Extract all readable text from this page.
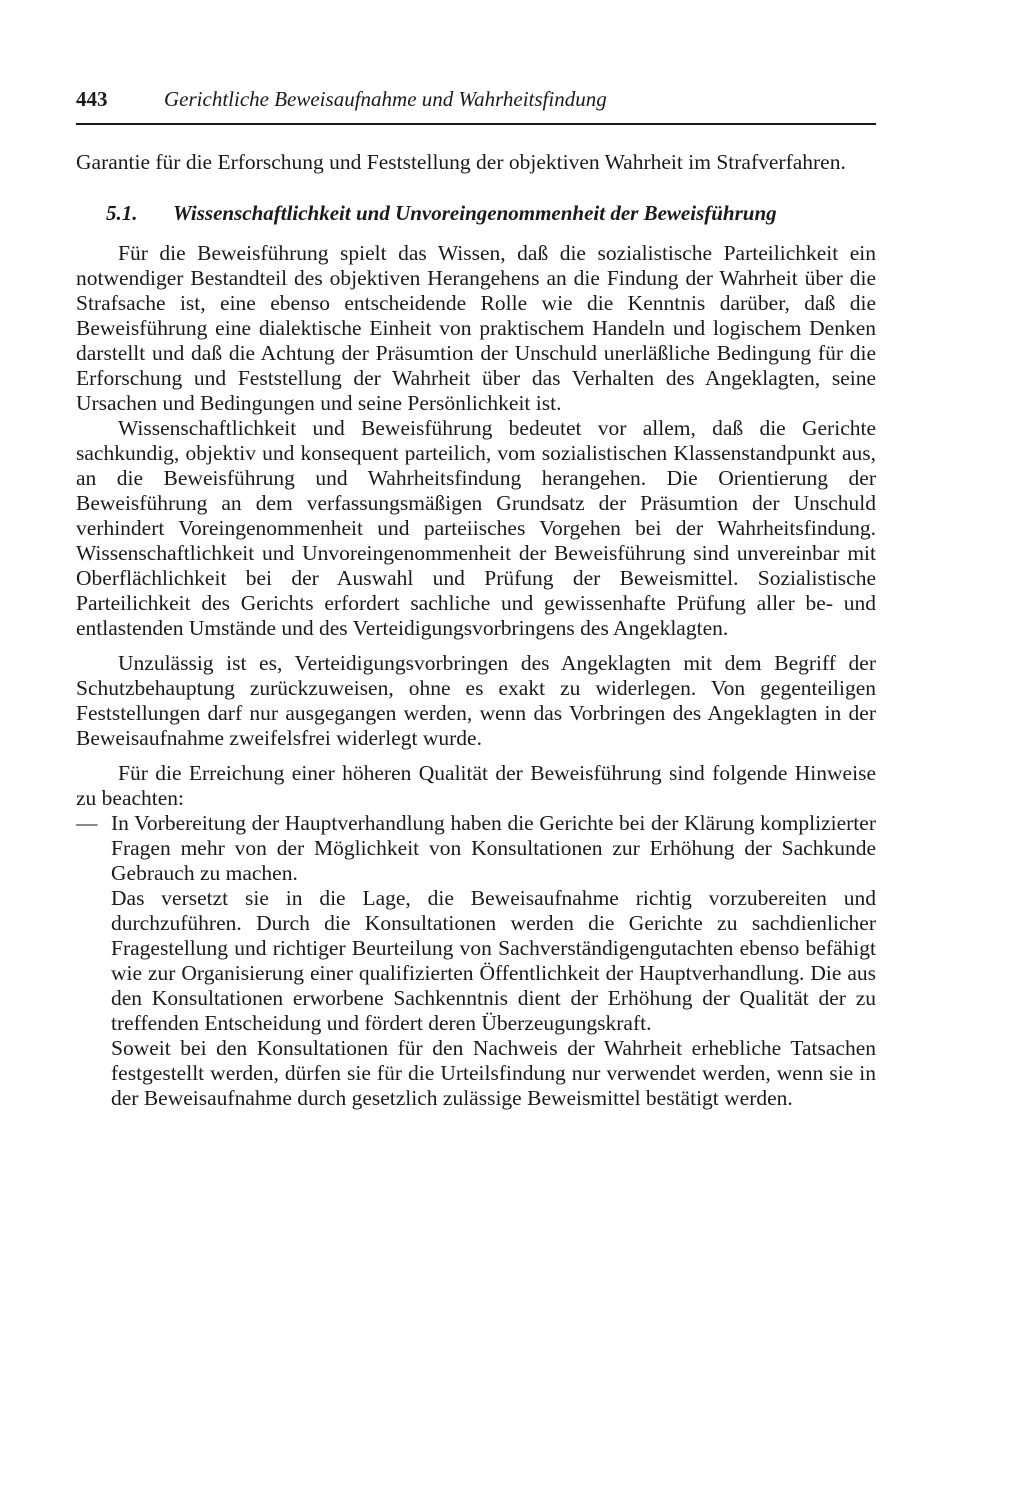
443	Gerichtliche Beweisaufnahme und Wahrheitsfindung

Garantie für die Erforschung und Feststellung der objektiven Wahrheit im Strafverfahren.

5.1.	Wissenschaftlichkeit und Unvoreingenommenheit der Beweisführung

Für die Beweisführung spielt das Wissen, daß die sozialistische Parteilichkeit ein notwendiger Bestandteil des objektiven Herangehens an die Findung der Wahrheit über die Strafsache ist, eine ebenso entscheidende Rolle wie die Kenntnis darüber, daß die Beweisführung eine dialektische Einheit von praktischem Handeln und logischem Denken darstellt und daß die Achtung der Präsumtion der Unschuld unerläßliche Bedingung für die Erforschung und Feststellung der Wahrheit über das Verhalten des Angeklagten, seine Ursachen und Bedingungen und seine Persönlichkeit ist.

Wissenschaftlichkeit und Beweisführung bedeutet vor allem, daß die Gerichte sachkundig, objektiv und konsequent parteilich, vom sozialistischen Klassenstandpunkt aus, an die Beweisführung und Wahrheitsfindung herangehen. Die Orientierung der Beweisführung an dem verfassungsmäßigen Grundsatz der Präsumtion der Unschuld verhindert Voreingenommenheit und parteiisches Vorgehen bei der Wahrheitsfindung. Wissenschaftlichkeit und Unvoreingenommenheit der Beweisführung sind unvereinbar mit Oberflächlichkeit bei der Auswahl und Prüfung der Beweismittel. Sozialistische Parteilichkeit des Gerichts erfordert sachliche und gewissenhafte Prüfung aller be- und entlastenden Umstände und des Verteidigungsvorbringens des Angeklagten.

Unzulässig ist es, Verteidigungsvorbringen des Angeklagten mit dem Begriff der Schutzbehauptung zurückzuweisen, ohne es exakt zu widerlegen. Von gegenteiligen Feststellungen darf nur ausgegangen werden, wenn das Vorbringen des Angeklagten in der Beweisaufnahme zweifelsfrei widerlegt wurde.

Für die Erreichung einer höheren Qualität der Beweisführung sind folgende Hinweise zu beachten:

— In Vorbereitung der Hauptverhandlung haben die Gerichte bei der Klärung komplizierter Fragen mehr von der Möglichkeit von Konsultationen zur Erhöhung der Sachkunde Gebrauch zu machen.

Das versetzt sie in die Lage, die Beweisaufnahme richtig vorzubereiten und durchzuführen. Durch die Konsultationen werden die Gerichte zu sachdienlicher Fragestellung und richtiger Beurteilung von Sachverständigengutachten ebenso befähigt wie zur Organisierung einer qualifizierten Öffentlichkeit der Hauptverhandlung. Die aus den Konsultationen erworbene Sachkenntnis dient der Erhöhung der Qualität der zu treffenden Entscheidung und fördert deren Überzeugungskraft.

Soweit bei den Konsultationen für den Nachweis der Wahrheit erhebliche Tatsachen festgestellt werden, dürfen sie für die Urteilsfindung nur verwendet werden, wenn sie in der Beweisaufnahme durch gesetzlich zulässige Beweismittel bestätigt werden.
